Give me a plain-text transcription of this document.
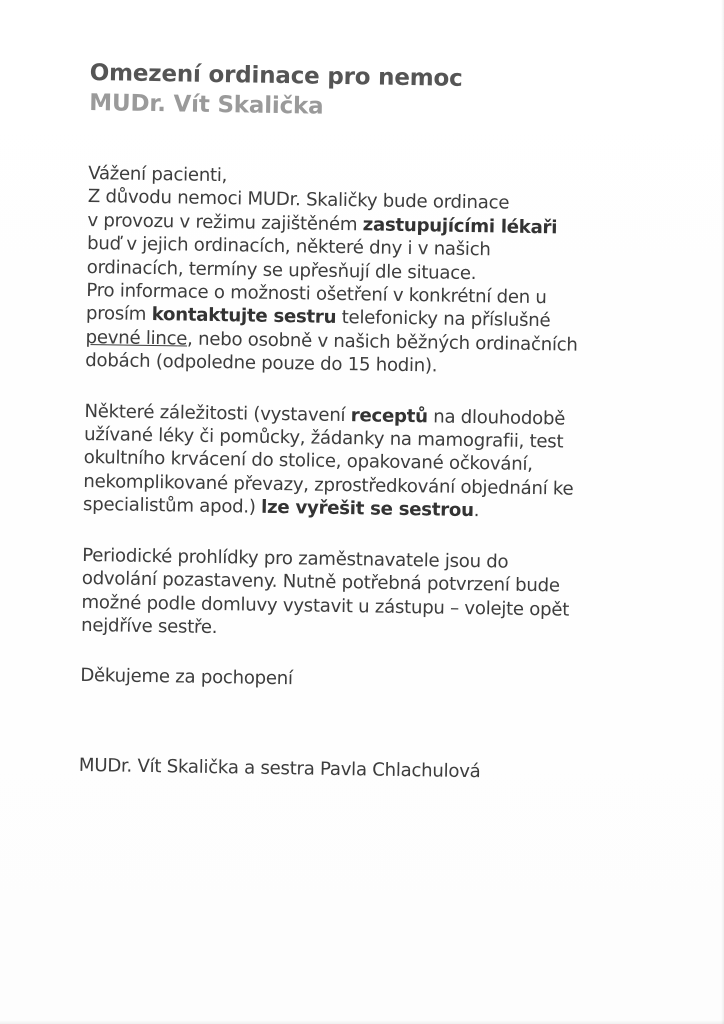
Omezení ordinace pro nemoc
MUDr. Vít Skalička

Vážení pacienti,
Z důvodu nemoci MUDr. Skaličky bude ordinace
v provozu v režimu zajištěném zastupujícími lékaři
buď v jejich ordinacích, některé dny i v našich
ordinacích, termíny se upřesňují dle situace.
Pro informace o možnosti ošetření v konkrétní den u
prosím kontaktujte sestru telefonicky na příslušné
pevné lince, nebo osobně v našich běžných ordinačních
dobách (odpoledne pouze do 15 hodin).

Některé záležitosti (vystavení receptů na dlouhodobě
užívané léky či pomůcky, žádanky na mamografii, test
okultního krvácení do stolice, opakované očkování,
nekomplikované převazy, zprostředkování objednání ke
specialistům apod.) lze vyřešit se sestrou.

Periodické prohlídky pro zaměstnavatele jsou do
odvolání pozastaveny. Nutně potřebná potvrzení bude
možné podle domluvy vystavit u zástupu – volejte opět
nejdříve sestře.

Děkujeme za pochopení

MUDr. Vít Skalička a sestra Pavla Chlachulová
